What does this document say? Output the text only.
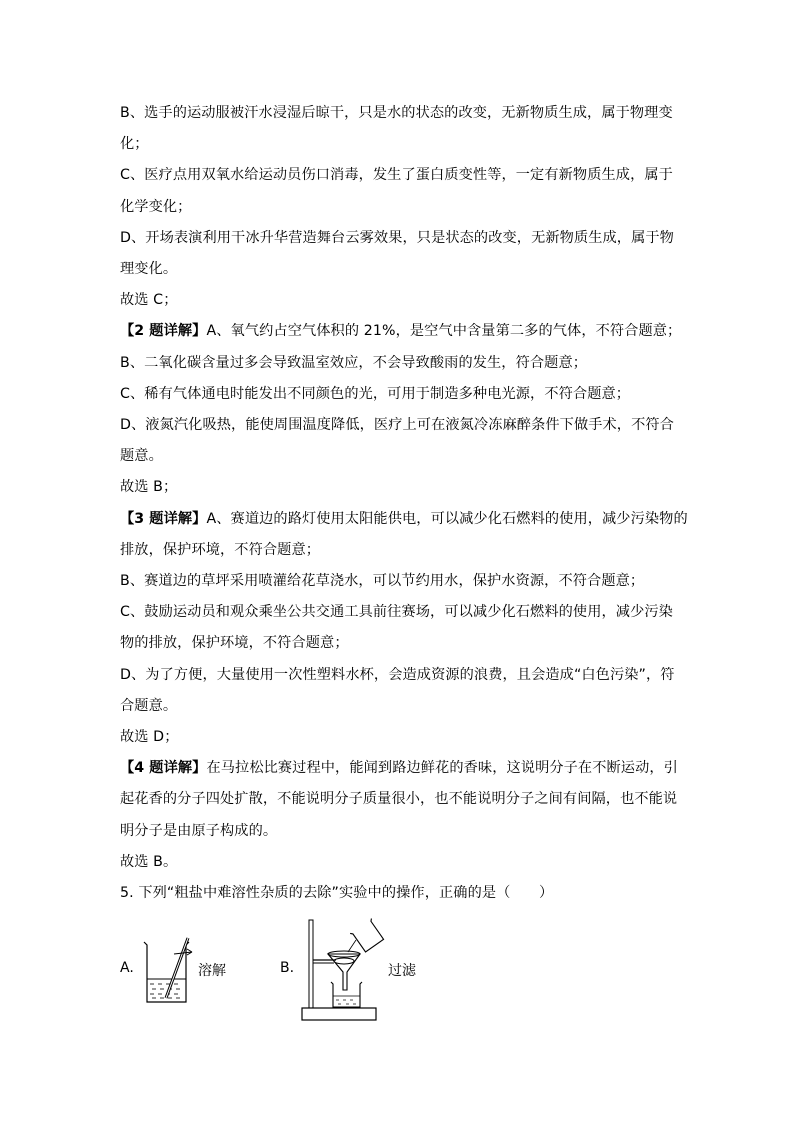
B、选手的运动服被汗水浸湿后晾干，只是水的状态的改变，无新物质生成，属于物理变
化；
C、医疗点用双氧水给运动员伤口消毒，发生了蛋白质变性等，一定有新物质生成，属于
化学变化；
D、开场表演利用干冰升华营造舞台云雾效果，只是状态的改变，无新物质生成，属于物
理变化。
故选 C；
【2 题详解】A、氧气约占空气体积的 21%，是空气中含量第二多的气体，不符合题意；
B、二氧化碳含量过多会导致温室效应，不会导致酸雨的发生，符合题意；
C、稀有气体通电时能发出不同颜色的光，可用于制造多种电光源，不符合题意；
D、液氮汽化吸热，能使周围温度降低，医疗上可在液氮冷冻麻醉条件下做手术，不符合
题意。
故选 B；
【3 题详解】A、赛道边的路灯使用太阳能供电，可以减少化石燃料的使用，减少污染物的
排放，保护环境，不符合题意；
B、赛道边的草坪采用喷灌给花草浇水，可以节约用水，保护水资源，不符合题意；
C、鼓励运动员和观众乘坐公共交通工具前往赛场，可以减少化石燃料的使用，减少污染
物的排放，保护环境，不符合题意；
D、为了方便，大量使用一次性塑料水杯，会造成资源的浪费，且会造成“白色污染”，符
合题意。
故选 D；
【4 题详解】在马拉松比赛过程中，能闻到路边鲜花的香味，这说明分子在不断运动，引
起花香的分子四处扩散，不能说明分子质量很小，也不能说明分子之间有间隔，也不能说
明分子是由原子构成的。
故选 B。
5. 下列“粗盐中难溶性杂质的去除”实验中的操作，正确的是（　　）
A.	溶解	B.	过滤
